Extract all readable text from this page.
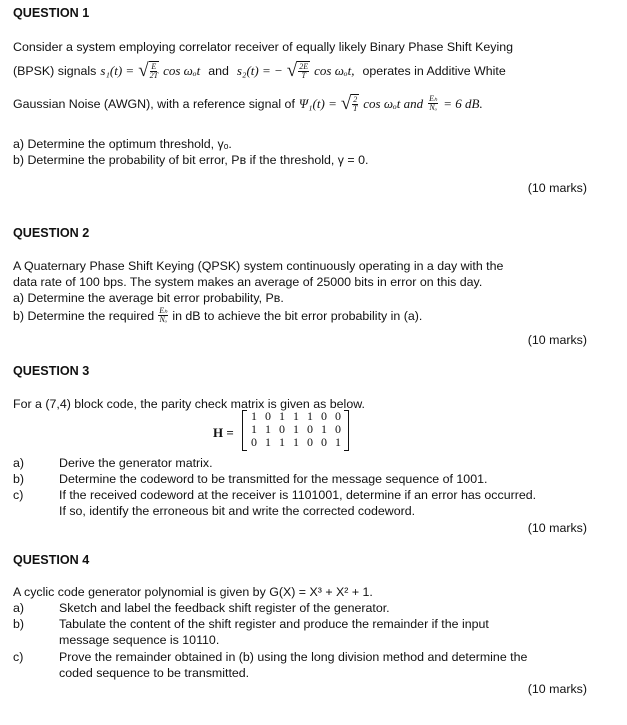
QUESTION 1
Consider a system employing correlator receiver of equally likely Binary Phase Shift Keying
(BPSK) signals s₁(t) = √ $\frac{E}{2T}$ cos ωₒt and s₂(t) = − √ $\frac{2E}{T}$ cos ωₒt, operates in Additive White
Gaussian Noise (AWGN), with a reference signal of Ψ₁(t) = √ $\frac{2}{T}$ cos ωₒt and $\frac{\text{Eₕ}}{\text{Nₒ}} = 6$ dB.
a) Determine the optimum threshold, γₒ.
b) Determine the probability of bit error, Pʙ if the threshold, γ = 0.
(10 marks)
QUESTION 2
A Quaternary Phase Shift Keying (QPSK) system continuously operating in a day with the
data rate of 100 bps. The system makes an average of 25000 bits in error on this day.
a) Determine the average bit error probability, Pʙ.
b) Determine the required $\frac{\text{Eₕ}}{\text{Nₒ}}$ in dB to achieve the bit error probability in (a).
(10 marks)
QUESTION 3
For a (7,4) block code, the parity check matrix is given as below.
H =
1	0	1	1	1	0	0
1	1	0	1	0	1	0
0	1	1	1	0	0	1
a)	Derive the generator matrix.
b)	Determine the codeword to be transmitted for the message sequence of 1001.
c)	If the received codeword at the receiver is 1101001, determine if an error has occurred.
If so, identify the erroneous bit and write the corrected codeword.
(10 marks)
QUESTION 4
A cyclic code generator polynomial is given by G(X) = X³ + X² + 1.
a)	Sketch and label the feedback shift register of the generator.
b)	Tabulate the content of the shift register and produce the remainder if the input
message sequence is 10110.
c)	Prove the remainder obtained in (b) using the long division method and determine the
coded sequence to be transmitted.
(10 marks)
